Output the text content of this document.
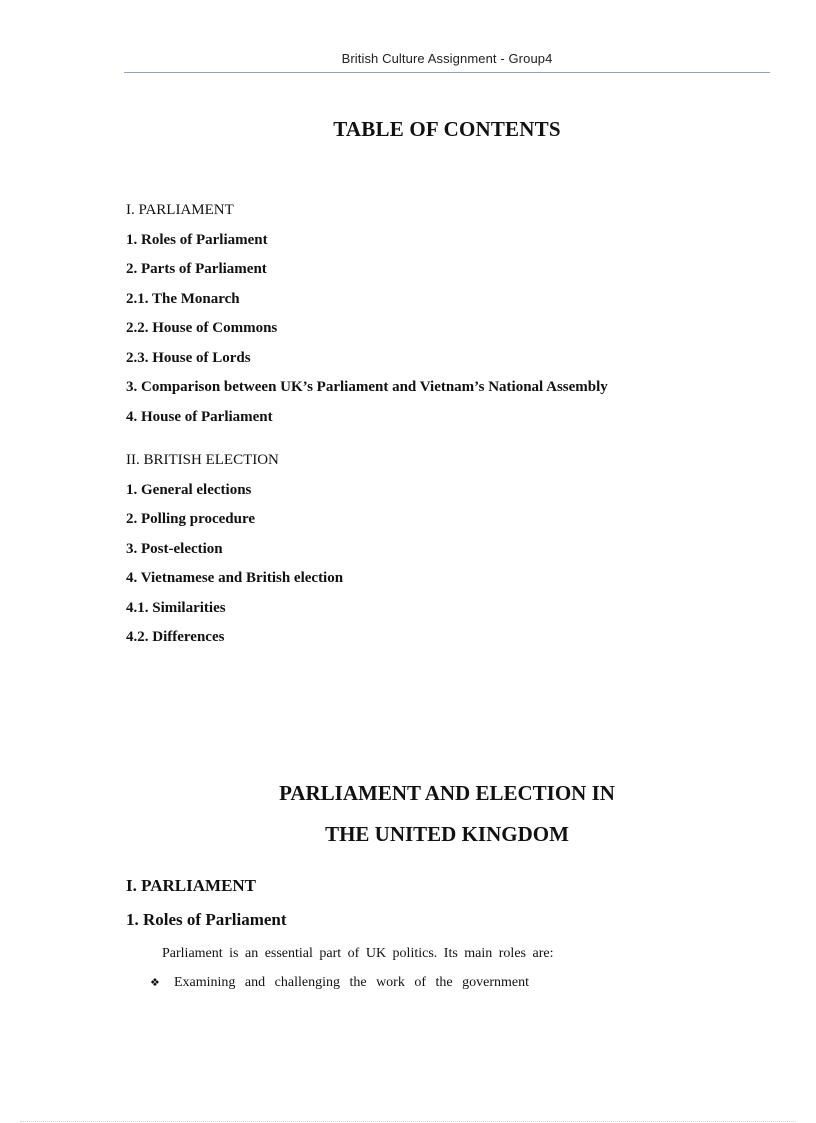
British Culture Assignment - Group4
TABLE OF CONTENTS
I. PARLIAMENT
1. Roles of Parliament
2. Parts of Parliament
2.1. The Monarch
2.2. House of Commons
2.3. House of Lords
3. Comparison between UK’s Parliament and Vietnam’s National Assembly
4. House of Parliament
II. BRITISH ELECTION
1. General elections
2. Polling procedure
3. Post-election
4. Vietnamese and British election
4.1. Similarities
4.2. Differences
PARLIAMENT AND ELECTION IN
THE UNITED KINGDOM
I. PARLIAMENT
1. Roles of Parliament
Parliament is an essential part of UK politics. Its main roles are:
❖	Examining and challenging the work of the government
